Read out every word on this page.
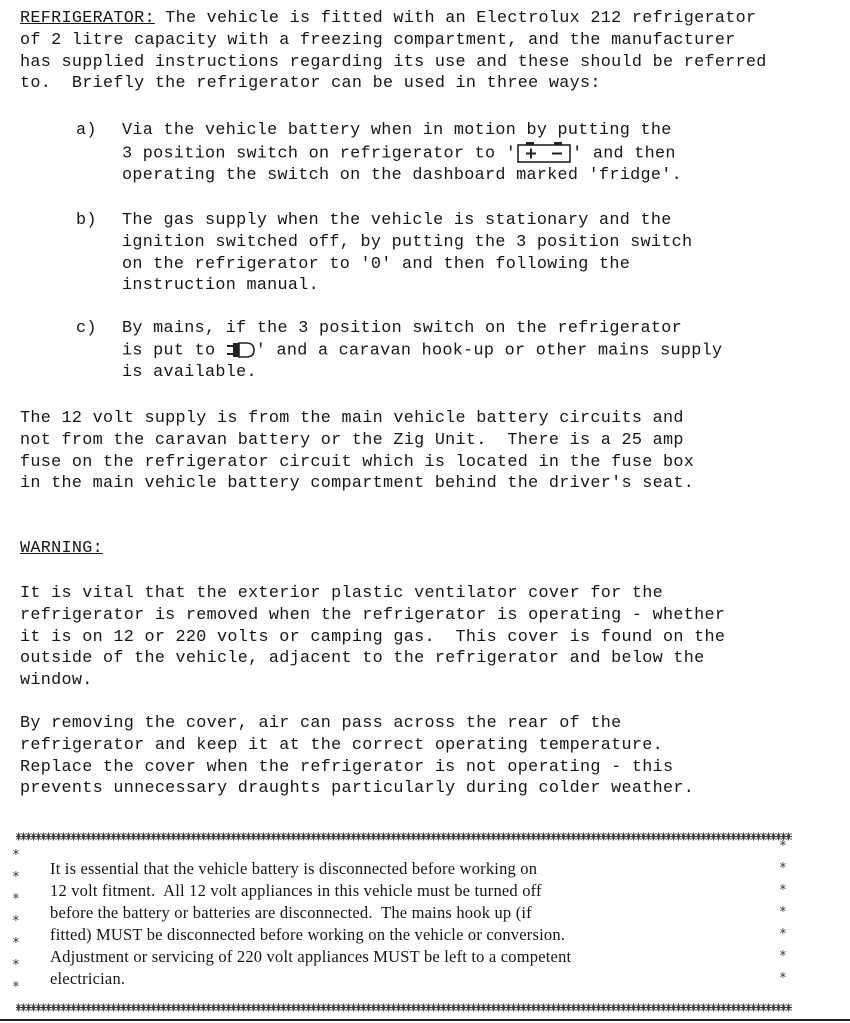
REFRIGERATOR: The vehicle is fitted with an Electrolux 212 refrigerator
of 2 litre capacity with a freezing compartment, and the manufacturer
has supplied instructions regarding its use and these should be referred
to.  Briefly the refrigerator can be used in three ways:
a) Via the vehicle battery when in motion by putting the
3 position switch on refrigerator to '	' and then
operating the switch on the dashboard marked 'fridge'.
b) The gas supply when the vehicle is stationary and the
ignition switched off, by putting the 3 position switch
on the refrigerator to '0' and then following the
instruction manual.
c) By mains, if the 3 position switch on the refrigerator
is put to ' and a caravan hook-up or other mains supply
is available.
The 12 volt supply is from the main vehicle battery circuits and
not from the caravan battery or the Zig Unit.  There is a 25 amp
fuse on the refrigerator circuit which is located in the fuse box
in the main vehicle battery compartment behind the driver's seat.
WARNING:
It is vital that the exterior plastic ventilator cover for the
refrigerator is removed when the refrigerator is operating - whether
it is on 12 or 220 volts or camping gas.  This cover is found on the
outside of the vehicle, adjacent to the refrigerator and below the
window.
By removing the cover, air can pass across the rear of the
refrigerator and keep it at the correct operating temperature.
Replace the cover when the refrigerator is not operating - this
prevents unnecessary draughts particularly during colder weather.
*
*
*
*
*
*
*
*
*
*
*
*
*
*
It is essential that the vehicle battery is disconnected before working on
12 volt fitment.  All 12 volt appliances in this vehicle must be turned off
before the battery or batteries are disconnected.  The mains hook up (if
fitted) MUST be disconnected before working on the vehicle or conversion.
Adjustment or servicing of 220 volt appliances MUST be left to a competent
electrician.
